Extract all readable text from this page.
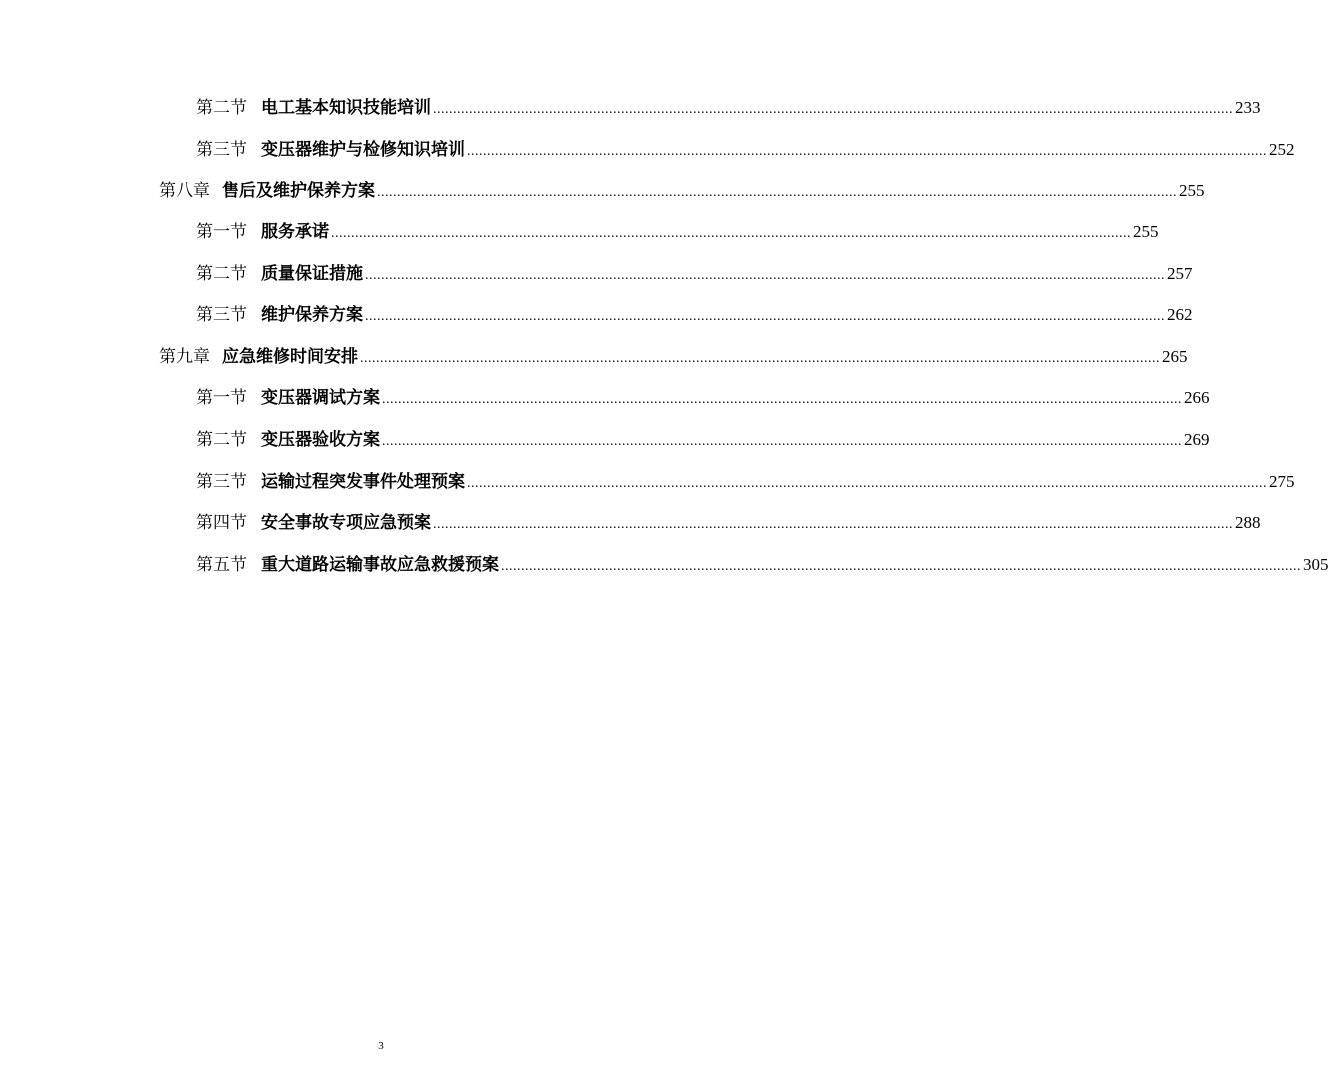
第二节 电工基本知识技能培训 ........................................................................................................................................................................................................ 233
第三节 变压器维护与检修知识培训 ........................................................................................................................................................................................................ 252
第八章 售后及维护保养方案 ........................................................................................................................................................................................................ 255
第一节 服务承诺 ........................................................................................................................................................................................................ 255
第二节 质量保证措施 ........................................................................................................................................................................................................ 257
第三节 维护保养方案 ........................................................................................................................................................................................................ 262
第九章 应急维修时间安排 ........................................................................................................................................................................................................ 265
第一节 变压器调试方案 ........................................................................................................................................................................................................ 266
第二节 变压器验收方案 ........................................................................................................................................................................................................ 269
第三节 运输过程突发事件处理预案 ........................................................................................................................................................................................................ 275
第四节 安全事故专项应急预案 ........................................................................................................................................................................................................ 288
第五节 重大道路运输事故应急救援预案 ........................................................................................................................................................................................................ 305
3
